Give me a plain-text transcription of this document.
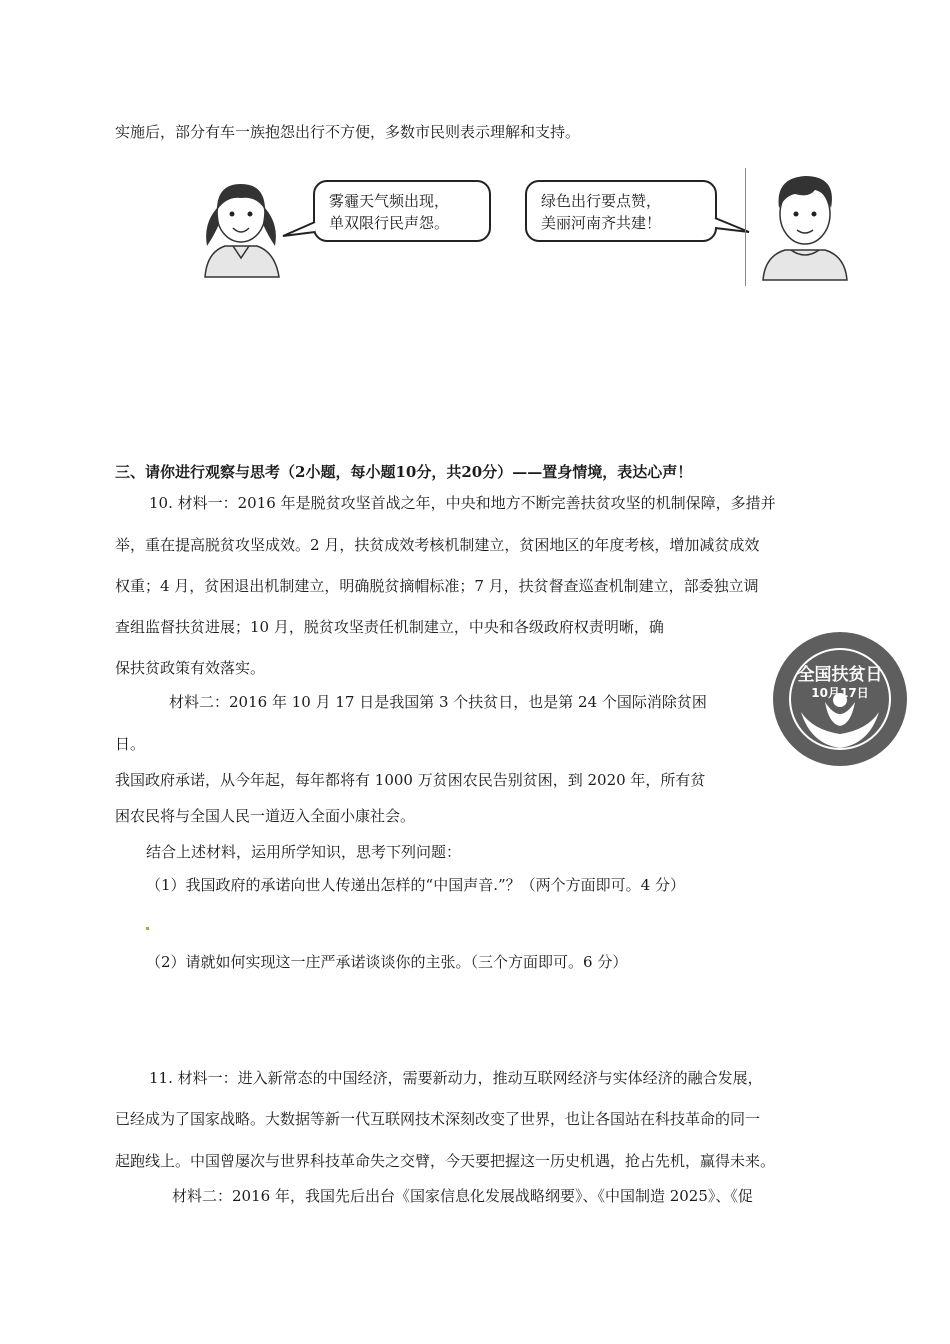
实施后，部分有车一族抱怨出行不方便，多数市民则表示理解和支持。
雾霾天气频出现，
单双限行民声怨。
绿色出行要点赞，
美丽河南齐共建！
三、请你进行观察与思考（2小题，每小题10分，共20分）——置身情境，表达心声！
10. 材料一：2016 年是脱贫攻坚首战之年，中央和地方不断完善扶贫攻坚的机制保障，多措并
举，重在提高脱贫攻坚成效。2 月，扶贫成效考核机制建立，贫困地区的年度考核，增加减贫成效
权重；4 月，贫困退出机制建立，明确脱贫摘帽标准；7 月，扶贫督查巡查机制建立，部委独立调
查组监督扶贫进展；10 月，脱贫攻坚责任机制建立，中央和各级政府权责明晰，确
保扶贫政策有效落实。
材料二：2016 年 10 月 17 日是我国第 3 个扶贫日，也是第 24 个国际消除贫困
日。
我国政府承诺，从今年起，每年都将有 1000 万贫困农民告别贫困，到 2020 年，所有贫
困农民将与全国人民一道迈入全面小康社会。
结合上述材料，运用所学知识，思考下列问题：
（1）我国政府的承诺向世人传递出怎样的“中国声音.”？（两个方面即可。4 分）
（2）请就如何实现这一庄严承诺谈谈你的主张。（三个方面即可。6 分）
全国扶贫日
10月17日
11. 材料一：进入新常态的中国经济，需要新动力，推动互联网经济与实体经济的融合发展，
已经成为了国家战略。大数据等新一代互联网技术深刻改变了世界，也让各国站在科技革命的同一
起跑线上。中国曾屡次与世界科技革命失之交臂，今天要把握这一历史机遇，抢占先机，赢得未来。
材料二：2016 年，我国先后出台《国家信息化发展战略纲要》、《中国制造 2025》、《促
